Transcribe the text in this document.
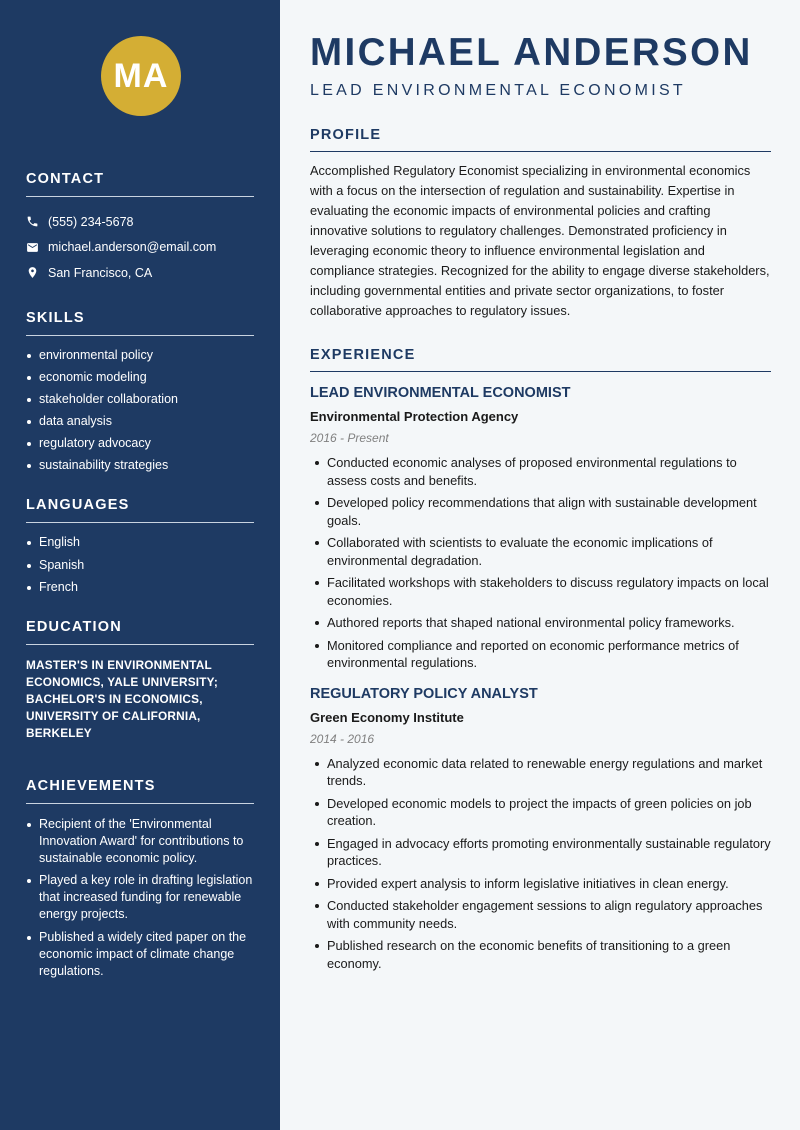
MA
CONTACT
(555) 234-5678
michael.anderson@email.com
San Francisco, CA
SKILLS
environmental policy
economic modeling
stakeholder collaboration
data analysis
regulatory advocacy
sustainability strategies
LANGUAGES
English
Spanish
French
EDUCATION
MASTER'S IN ENVIRONMENTAL ECONOMICS, YALE UNIVERSITY; BACHELOR'S IN ECONOMICS, UNIVERSITY OF CALIFORNIA, BERKELEY
ACHIEVEMENTS
Recipient of the 'Environmental Innovation Award' for contributions to sustainable economic policy.
Played a key role in drafting legislation that increased funding for renewable energy projects.
Published a widely cited paper on the economic impact of climate change regulations.
MICHAEL ANDERSON
LEAD ENVIRONMENTAL ECONOMIST
PROFILE

Accomplished Regulatory Economist specializing in environmental economics with a focus on the intersection of regulation and sustainability. Expertise in evaluating the economic impacts of environmental policies and crafting innovative solutions to regulatory challenges. Demonstrated proficiency in leveraging economic theory to influence environmental legislation and compliance strategies. Recognized for the ability to engage diverse stakeholders, including governmental entities and private sector organizations, to foster collaborative approaches to regulatory issues.

EXPERIENCE
LEAD ENVIRONMENTAL ECONOMIST
Environmental Protection Agency
2016 - Present
Conducted economic analyses of proposed environmental regulations to assess costs and benefits.
Developed policy recommendations that align with sustainable development goals.
Collaborated with scientists to evaluate the economic implications of environmental degradation.
Facilitated workshops with stakeholders to discuss regulatory impacts on local economies.
Authored reports that shaped national environmental policy frameworks.
Monitored compliance and reported on economic performance metrics of environmental regulations.
REGULATORY POLICY ANALYST
Green Economy Institute
2014 - 2016
Analyzed economic data related to renewable energy regulations and market trends.
Developed economic models to project the impacts of green policies on job creation.
Engaged in advocacy efforts promoting environmentally sustainable regulatory practices.
Provided expert analysis to inform legislative initiatives in clean energy.
Conducted stakeholder engagement sessions to align regulatory approaches with community needs.
Published research on the economic benefits of transitioning to a green economy.
